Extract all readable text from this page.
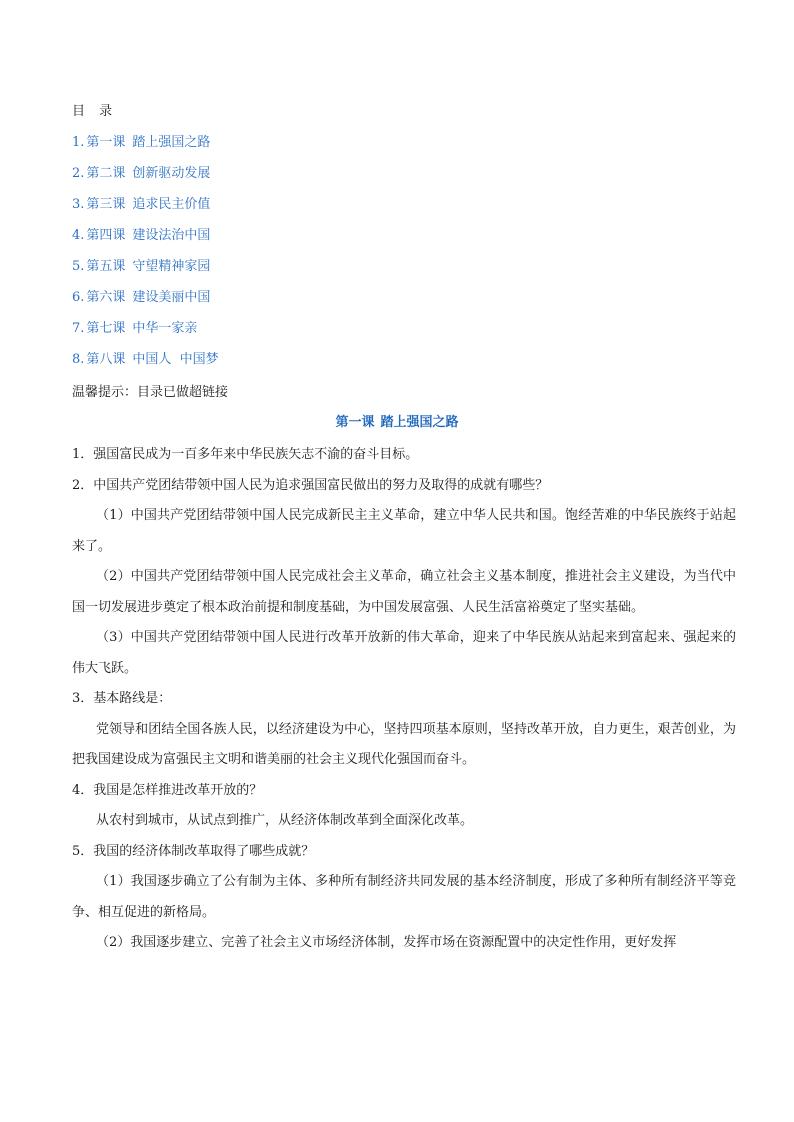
目 录
1. 第一课 踏上强国之路
2. 第二课 创新驱动发展
3. 第三课 追求民主价值
4. 第四课 建设法治中国
5. 第五课 守望精神家园
6. 第六课 建设美丽中国
7. 第七课 中华一家亲
8. 第八课 中国人  中国梦
温馨提示：目录已做超链接
第一课 踏上强国之路

1．强国富民成为一百多年来中华民族矢志不渝的奋斗目标。

2．中国共产党团结带领中国人民为追求强国富民做出的努力及取得的成就有哪些？

（1）中国共产党团结带领中国人民完成新民主主义革命，建立中华人民共和国。饱经苦难的中华民族终于站起来了。

（2）中国共产党团结带领中国人民完成社会主义革命，确立社会主义基本制度，推进社会主义建设，为当代中国一切发展进步奠定了根本政治前提和制度基础，为中国发展富强、人民生活富裕奠定了坚实基础。

（3）中国共产党团结带领中国人民进行改革开放新的伟大革命，迎来了中华民族从站起来到富起来、强起来的伟大飞跃。

3．基本路线是：

党领导和团结全国各族人民，以经济建设为中心，坚持四项基本原则，坚持改革开放，自力更生，艰苦创业，为把我国建设成为富强民主文明和谐美丽的社会主义现代化强国而奋斗。

4．我国是怎样推进改革开放的？

从农村到城市，从试点到推广，从经济体制改革到全面深化改革。

5．我国的经济体制改革取得了哪些成就？

（1）我国逐步确立了公有制为主体、多种所有制经济共同发展的基本经济制度，形成了多种所有制经济平等竞争、相互促进的新格局。

（2）我国逐步建立、完善了社会主义市场经济体制，发挥市场在资源配置中的决定性作用，更好发挥
